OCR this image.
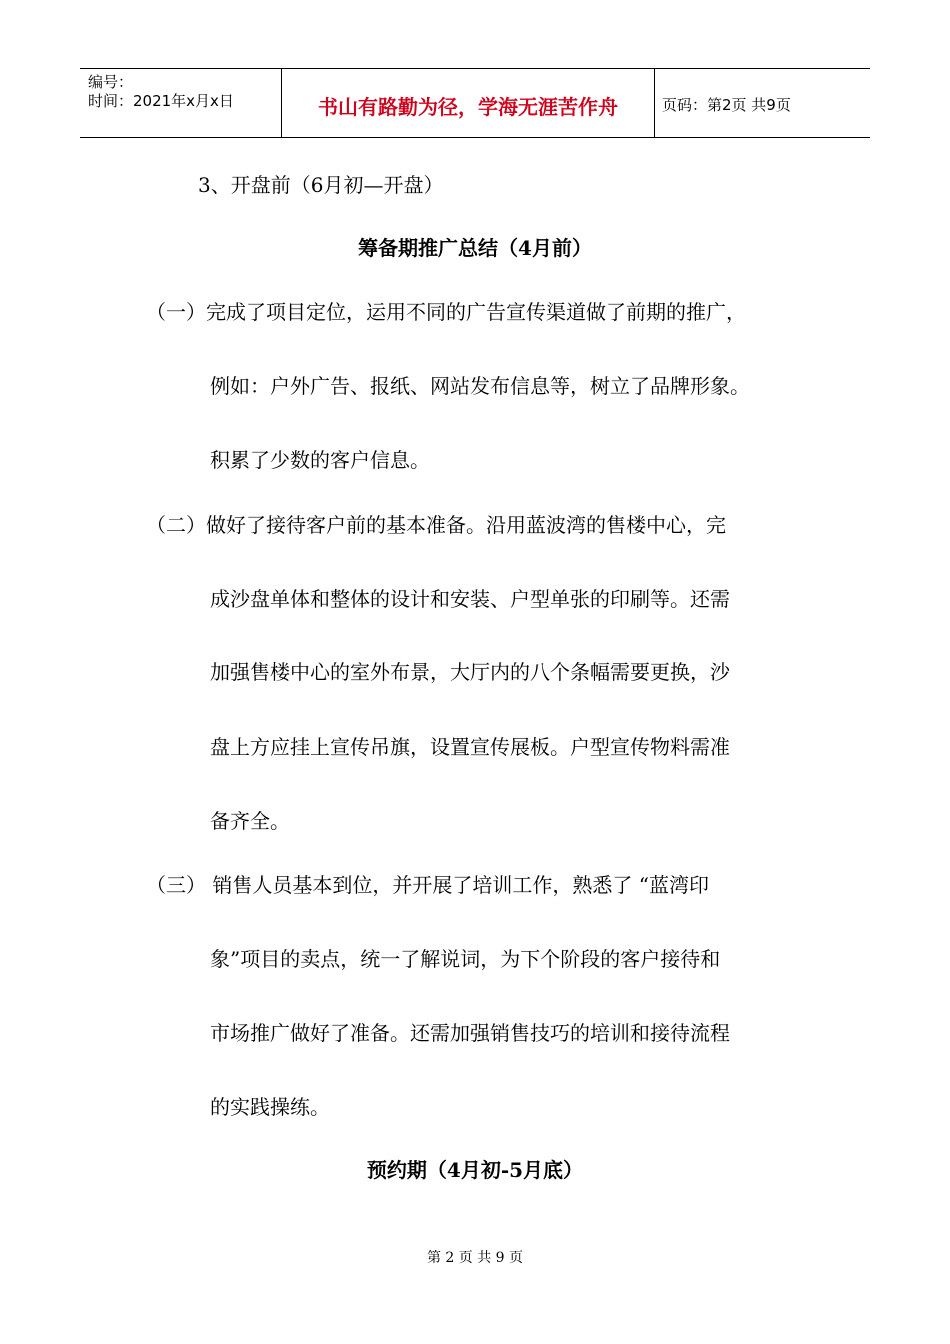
编号：
时间：2021年x月x日	书山有路勤为径，学海无涯苦作舟	页码：第2页 共9页
3、开盘前（6月初—开盘）
筹备期推广总结（4月前）
（一）完成了项目定位，运用不同的广告宣传渠道做了前期的推广，
例如：户外广告、报纸、网站发布信息等，树立了品牌形象。
积累了少数的客户信息。
（二）做好了接待客户前的基本准备。沿用蓝波湾的售楼中心，完
成沙盘单体和整体的设计和安装、户型单张的印刷等。还需
加强售楼中心的室外布景，大厅内的八个条幅需要更换，沙
盘上方应挂上宣传吊旗，设置宣传展板。户型宣传物料需准
备齐全。
（三） 销售人员基本到位，并开展了培训工作，熟悉了 “蓝湾印
象”项目的卖点，统一了解说词，为下个阶段的客户接待和
市场推广做好了准备。还需加强销售技巧的培训和接待流程
的实践操练。
预约期（4月初-5月底）
第 2 页 共 9 页
